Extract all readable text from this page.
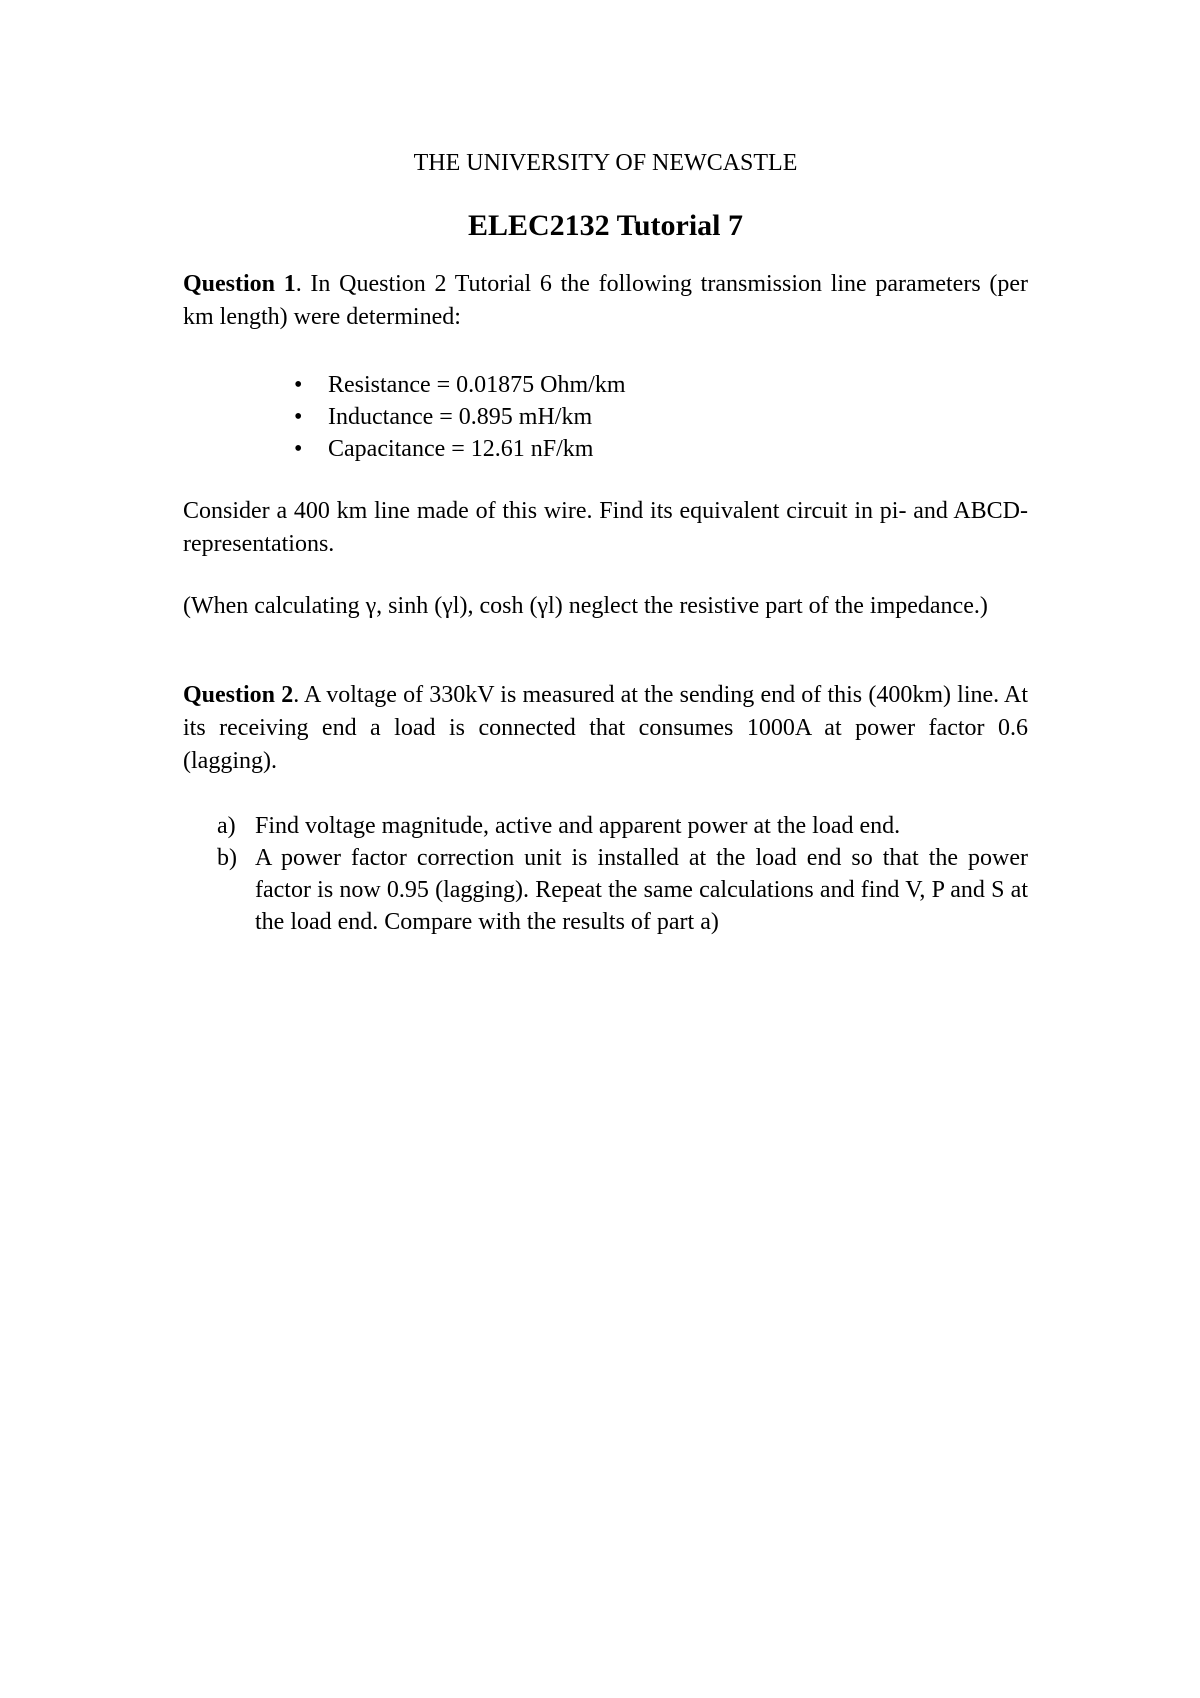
THE UNIVERSITY OF NEWCASTLE

ELEC2132 Tutorial 7

Question 1. In Question 2 Tutorial 6 the following transmission line parameters (per km length) were determined:

• Resistance = 0.01875 Ohm/km
• Inductance = 0.895 mH/km
• Capacitance = 12.61 nF/km

Consider a 400 km line made of this wire. Find its equivalent circuit in pi- and ABCD- representations.

(When calculating γ, sinh (γl), cosh (γl) neglect the resistive part of the impedance.)

Question 2. A voltage of 330kV is measured at the sending end of this (400km) line. At its receiving end a load is connected that consumes 1000A at power factor 0.6 (lagging).

a) Find voltage magnitude, active and apparent power at the load end.
b) A power factor correction unit is installed at the load end so that the power factor is now 0.95 (lagging). Repeat the same calculations and find V, P and S at the load end. Compare with the results of part a)
